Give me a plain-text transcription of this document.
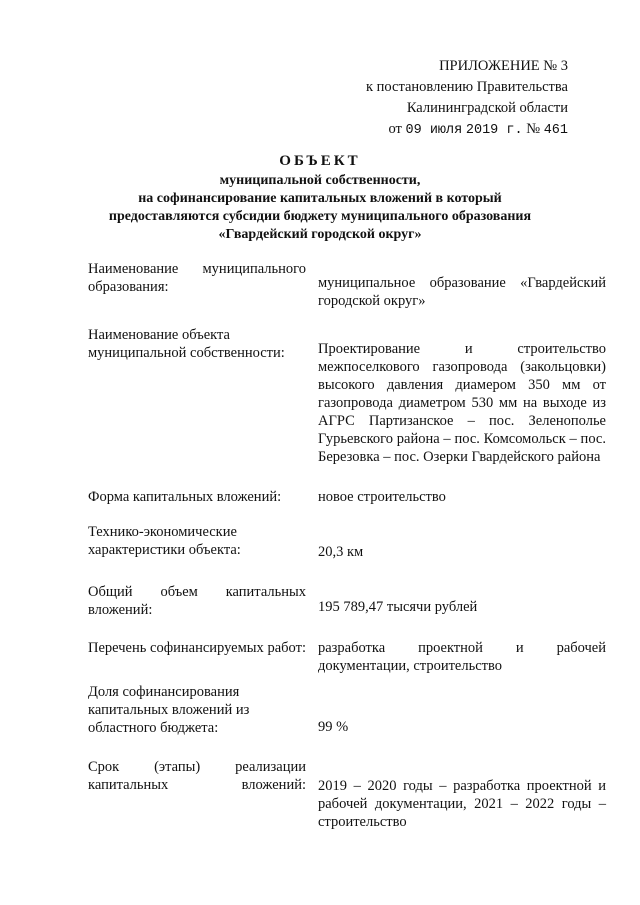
ПРИЛОЖЕНИЕ № 3
к постановлению Правительства
Калининградской области
от 09 июля 2019 г. № 461
ОБЪЕКТ
муниципальной собственности,
на софинансирование капитальных вложений в который
предоставляются субсидии бюджету муниципального образования
«Гвардейский городской округ»
Наименование муниципального образования:	муниципальное образование «Гвардейский городской округ»
Наименование объекта
муниципальной собственности:	Проектирование и строительство межпоселкового газопровода (закольцовки) высокого давления диамером 350 мм от газопровода диаметром 530 мм на выходе из АГРС Партизанское – пос. Зеленополье Гурьевского района – пос. Комсомольск – пос. Березовка – пос. Озерки Гвардейского района
Форма капитальных вложений:	новое строительство
Технико-экономические
характеристики объекта:	20,3 км
Общий объем капитальных вложений:	195 789,47 тысячи рублей
Перечень софинансируемых работ: разработка проектной и рабочей документации, строительство
Доля софинансирования
капитальных вложений из
областного бюджета:	99 %
Срок (этапы) реализации капитальных вложений: 2019 – 2020 годы – разработка проектной и рабочей документации, 2021 – 2022 годы – строительство
